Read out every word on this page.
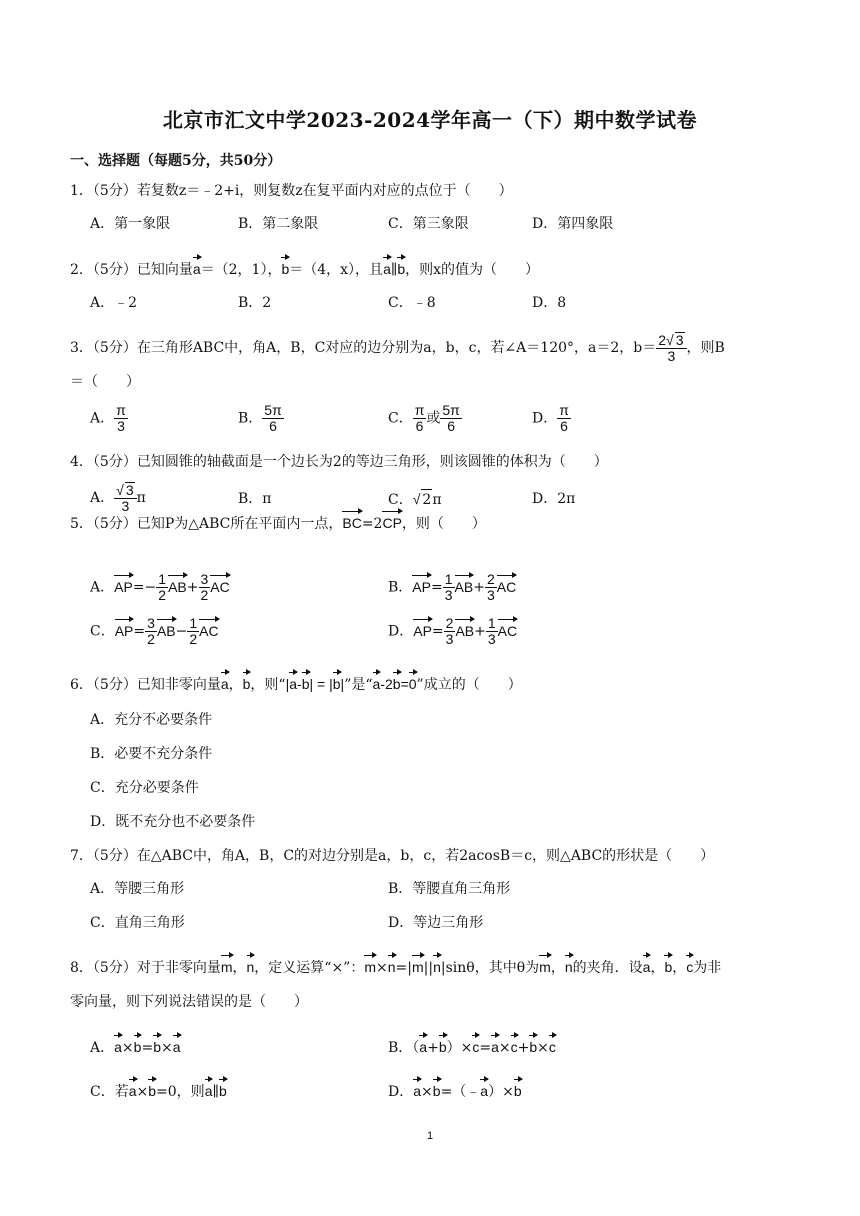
北京市汇文中学2023-2024学年高一（下）期中数学试卷
一、选择题（每题5分，共50分）
1．（5分）若复数z＝﹣2+i，则复数z在复平面内对应的点位于（　　）
A．第一象限	B．第二象限	C．第三象限	D．第四象限
2．（5分）已知向量a＝（2，1），b＝（4，x），且a∥b，则x的值为（　　）
A．﹣2	B．2	C．﹣8	D．8
3．（5分）在三角形ABC中，角A，B，C对应的边分别为a，b，c，若∠A＝120°，a＝2，$b= \frac{2√ 3}{3}$ ，则B
＝（　　）
A． $\frac{\pi}{3}$	B． $\frac{5\pi}{6}$	C． $\frac{\pi}{6}$ 或 $\frac{5\pi}{6}$	D． $\frac{\pi}{6}$
4．（5分）已知圆锥的轴截面是一个边长为2的等边三角形，则该圆锥的体积为（　　）
A． $\frac{√ 3}{3}$ π	B．π	C．√ 2π	D．2π
5．（5分）已知P为△ABC所在平面内一点，BC=2CP，则（　　）
A．$AP=- \frac{1}{2} AB+ \frac{3}{2}$ AC	B．$AP= \frac{1}{3} AB+ \frac{2}{3}$ AC
C．$AP= \frac{3}{2} AB- \frac{1}{2}$ AC	D．$AP= \frac{2}{3} AB+ \frac{1}{3}$ AC
6．（5分）已知非零向量a，b，则“|a-b| = |b|”是“a-2b=0”成立的（　　）
A．充分不必要条件
B．必要不充分条件
C．充分必要条件
D．既不充分也不必要条件
7．（5分）在△ABC中，角A，B，C的对边分别是a，b，c，若2acosB＝c，则△ABC的形状是（　　）
A．等腰三角形	B．等腰直角三角形
C．直角三角形	D．等边三角形
8．（5分）对于非零向量m，n，定义运算“×”：m×n=|m||n|sinθ，其中θ为m，n的夹角．设a，b，c为非
零向量，则下列说法错误的是（　　）
A．a×b=b×a	B．（a+b）×c=a×c+b×c
C．若a×b=0，则a∥b	D．a×b=（﹣a）×b
1
